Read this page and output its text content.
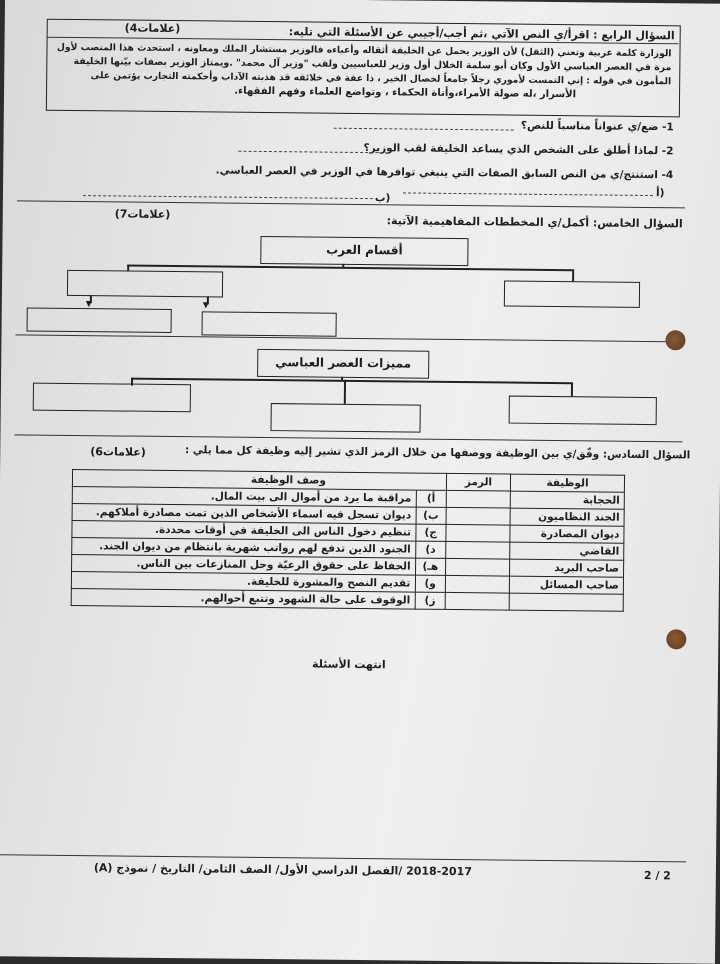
(4علامات)	السؤال الرابع : اقرأ/ي النص الآتي ،ثم أجب/أجيبي عن الأسئلة التي تليه:
الوزارة كلمة عربية وتعني (الثقل) لأن الوزير يحمل عن الخليفة أثقاله وأعباءه فالوزير مستشار الملك ومعاونه ، استحدث هذا المنصب لأول
مرة في العصر العباسي الأول وكان أبو سلمة الخلال أول وزير للعباسيين ولقب "وزير آل محمد" .ويمتاز الوزير بصفات بيّنها الخليفة
المأمون في قوله : إني التمست لأموري رجلاً جامعاً لخصال الخير ، ذا عفة في خلائقه قد هذبته الآداب وأحكمته التجارب يؤتمن على
الأسرار ،له صولة الأمراء،وأناة الحكماء ، وتواضع العلماء وفهم الفقهاء.
1- ضع/ي عنواناً مناسباً للنص؟
2- لماذا أطلق على الشخص الذي يساعد الخليفة لقب الوزير؟
4- استنتج/ي من النص السابق الصفات التي ينبغي توافرها في الوزير في العصر العباسي.
أ)
ب)
(7علامات)	السؤال الخامس: أكمل/ي المخططات المفاهيمية الآتية:
أقسام العرب
▼	▼
مميزات العصر العباسي
(6علامات)	السؤال السادس: وفّق/ي بين الوظيفة ووصفها من خلال الرمز الذي تشير إليه وظيفة كل مما يلي :
الوظيفة	الرمز		وصف الوظيفة
الحجابة		أ)	مراقبة ما يرد من أموال الى بيت المال.
الجند النظاميون		ب)	ديوان تسجل فيه اسماء الأشخاص الذين تمت مصادرة أملاكهم.
ديوان المصادرة		ج)	تنظيم دخول الناس الى الخليفة في أوقات محددة.
القاضي		د)	الجنود الذين تدفع لهم رواتب شهرية بانتظام من ديوان الجند.
صاحب البريد		هـ)	الحفاظ على حقوق الرعيّة وحل المنازعات بين الناس.
صاحب المسائل		و)	تقديم النصح والمشورة للخليفة.
		ز)	الوقوف على حالة الشهود وتتبع أحوالهم.
انتهت الأسئلة
2018-2017 /الفصل الدراسي الأول/ الصف الثامن/ التاريخ / نموذج (A)	2 / 2
